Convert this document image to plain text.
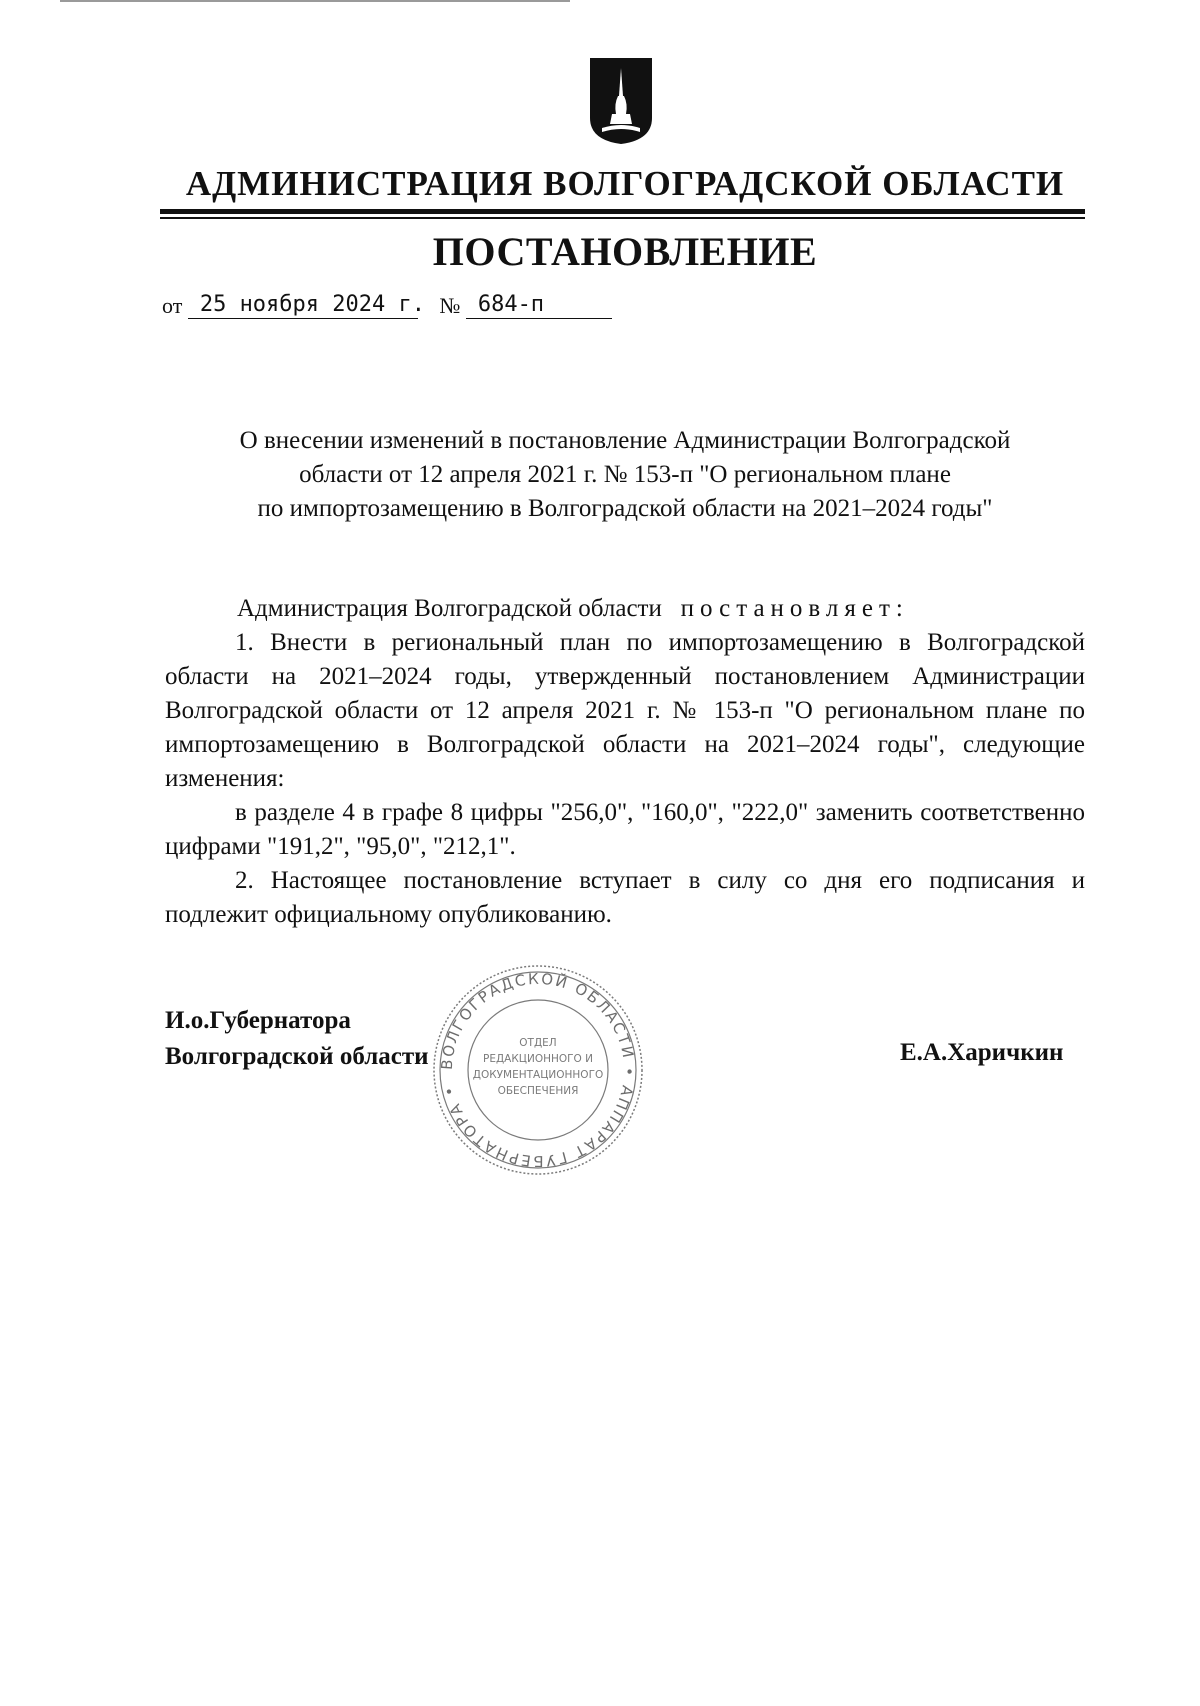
АДМИНИСТРАЦИЯ ВОЛГОГРАДСКОЙ ОБЛАСТИ
ПОСТАНОВЛЕНИЕ
от 25 ноября 2024 г. № 684-п
О внесении изменений в постановление Администрации Волгоградской
области от 12 апреля 2021 г. № 153-п "О региональном плане
по импортозамещению в Волгоградской области на 2021–2024 годы"

Администрация Волгоградской области постановляет:

1. Внести в региональный план по импортозамещению в Волгоградской области на 2021–2024 годы, утвержденный постановлением Администрации Волгоградской области от 12 апреля 2021 г. № 153-п "О региональном плане по импортозамещению в Волгоградской области на 2021–2024 годы", следующие изменения:

в разделе 4 в графе 8 цифры "256,0", "160,0", "222,0" заменить соответственно цифрами "191,2", "95,0", "212,1".

2. Настоящее постановление вступает в силу со дня его подписания и подлежит официальному опубликованию.

И.о.Губернатора
Волгоградской области	Е.А.Харичкин
ВОЛГОГРАДСКОЙ ОБЛАСТИ • АППАРАТ ГУБЕРНАТОРА •
ОТДЕЛ
РЕДАКЦИОННОГО И
ДОКУМЕНТАЦИОННОГО
ОБЕСПЕЧЕНИЯ
